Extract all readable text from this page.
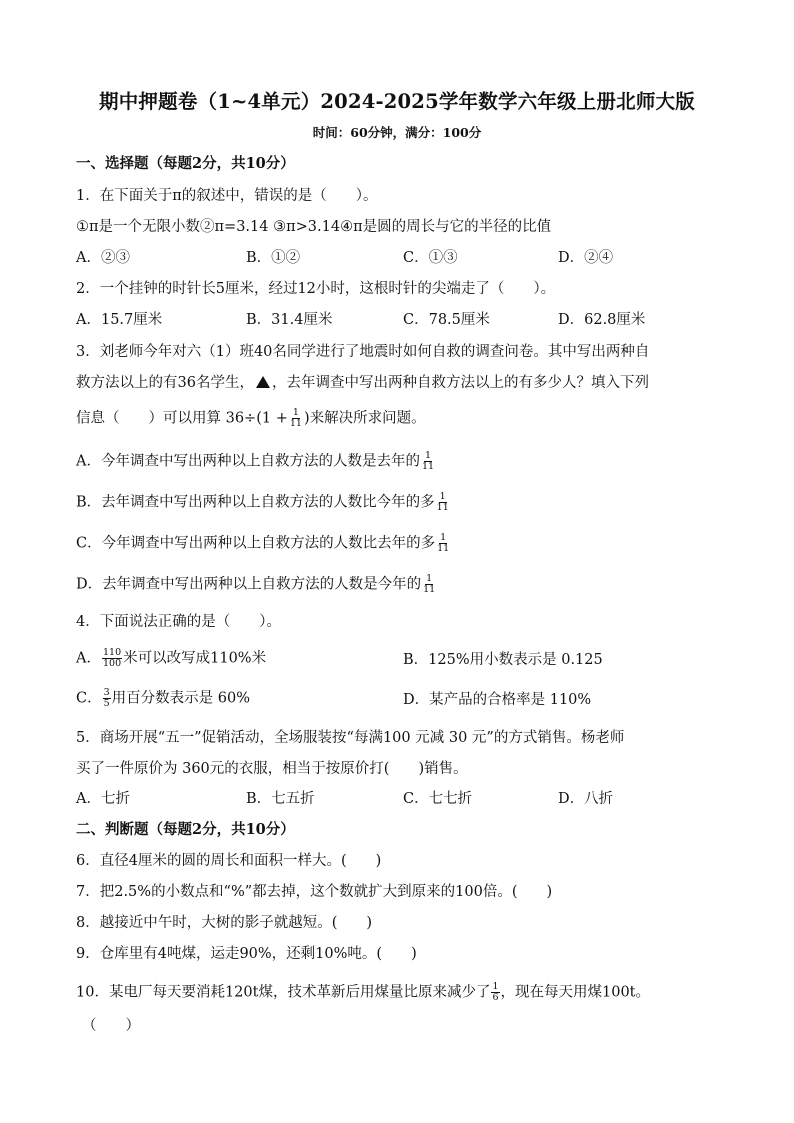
期中押题卷（1~4单元）2024-2025学年数学六年级上册北师大版
时间：60分钟，满分：100分
一、选择题（每题2分，共10分）
1．在下面关于π的叙述中，错误的是（　　）。
①π是一个无限小数②π=3.14 ③π>3.14④π是圆的周长与它的半径的比值
A．②③	B．①②	C．①③	D．②④
2．一个挂钟的时针长5厘米，经过12小时，这根时针的尖端走了（　　）。
A．15.7厘米	B．31.4厘米	C．78.5厘米	D．62.8厘米
3．刘老师今年对六（1）班40名同学进行了地震时如何自救的调查问卷。其中写出两种自
救方法以上的有36名学生， ，去年调查中写出两种自救方法以上的有多少人？填入下列
信息（　　）可以用算 $36\div(1 + \frac{1}{11}$ )来解决所求问题。
A．今年调查中写出两种以上自救方法的人数是去年的 $\frac{1}{11}$
B．去年调查中写出两种以上自救方法的人数比今年的多 $\frac{1}{11}$
C．今年调查中写出两种以上自救方法的人数比去年的多 $\frac{1}{11}$
D．去年调查中写出两种以上自救方法的人数是今年的 $\frac{1}{11}$
4．下面说法正确的是（　　）。
A． $\frac{110}{100}$ 米可以改写成110%米	B．125%用小数表示是 0.125
C． $\frac{3}{5}$ 用百分数表示是 60%	D．某产品的合格率是 110%
5．商场开展“五一”促销活动，全场服装按“每满100 元减 30 元”的方式销售。杨老师
买了一件原价为 360元的衣服，相当于按原价打(　　)销售。
A．七折	B．七五折	C．七七折	D．八折
二、判断题（每题2分，共10分）
6．直径4厘米的圆的周长和面积一样大。(　　)
7．把2.5%的小数点和“%”都去掉，这个数就扩大到原来的100倍。(　　)
8．越接近中午时，大树的影子就越短。(　　)
9．仓库里有4吨煤，运走90%，还剩10%吨。(　　)
10．某电厂每天要消耗120t煤，技术革新后用煤量比原来减少了 $\frac{1}{6}$ ，现在每天用煤100t。
（　　）
